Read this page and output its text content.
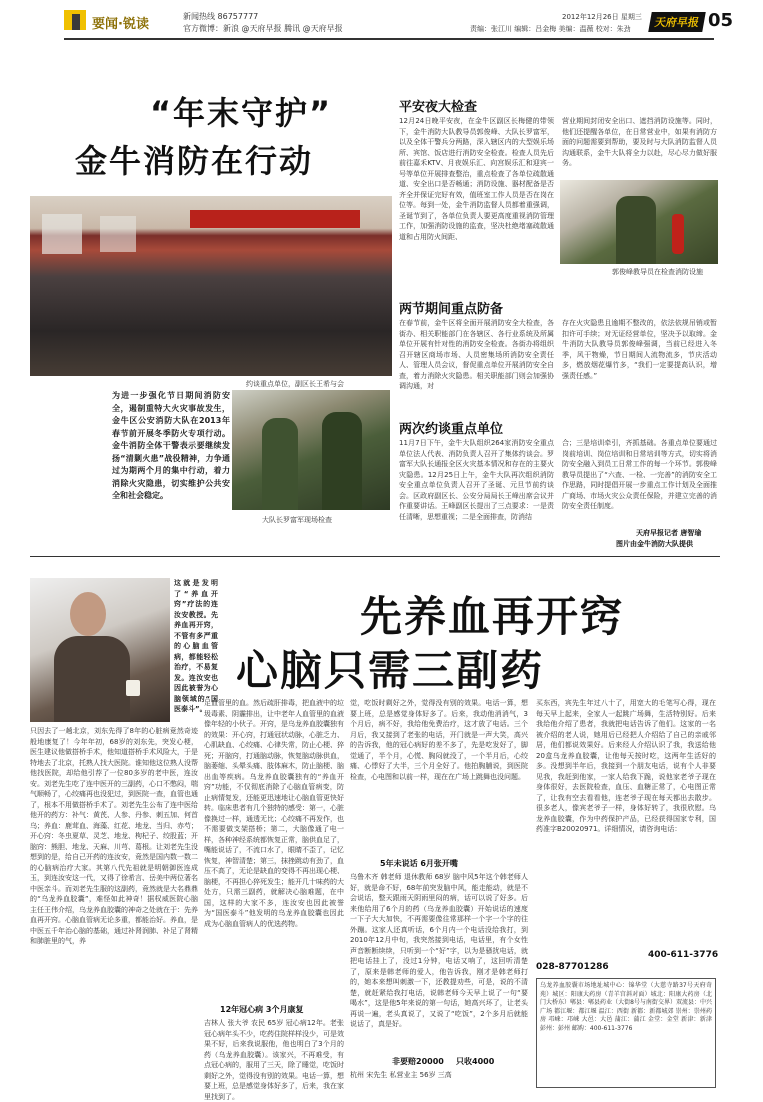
要闻·锐读
新闻热线 86757777
官方微博：新浪 @天府早报 腾讯 @天府早报
2012年12月26日 星期三
责编：张江川 编辑：吕金梅 美编：温薇 校对：朱劲	天府早报 05
“年末守护”
金牛消防在行动
约谈重点单位，副区长王希与会
为进一步强化节日期间消防安全，遏制重特大火灾事故发生，金牛区公安消防大队在2013年春节前开展冬季防火专项行动。金牛消防全体干警表示要继续发扬“清剿火患”战役精神，力争通过为期两个月的集中行动，着力消除火灾隐患，切实维护公共安全和社会稳定。
大队长罗富军现场检查
平安夜大检查
12月24日晚平安夜，在金牛区副区长梅健的带领下，金牛消防大队教导员郭俊峰、大队长罗富军，以及全体干警兵分两路，深入辖区内的大型娱乐场所、宾馆、饭店进行消防安全检查。检查人员先后前往嘉禾KTV、月夜娱乐汇、向宫娱乐汇和迎宾一号等单位开展排查整治，重点检查了各单位疏散通道、安全出口是否畅通；消防设施、器材配备是否齐全并保证完好有效，值班室工作人员是否在岗在位等。每到一处，金牛消防监督人员都着重强调，圣诞节到了，各单位负责人要更高度重视消防管理工作，加强消防设施的监查，坚决杜绝堵塞疏散通道和占用防火间距、
营业期间封闭安全出口、遮挡消防设施等。同时，他们还提醒各单位，在日常营业中，如果有消防方面的问题需要到帮助，要及时与大队消防监督人员沟通联系，金牛大队将全力以赴，尽心尽力做好服务。
郭俊峰教导员在检查消防设施
两节期间重点防备
在春节前，金牛区将全面开展消防安全大检查，各街办、相关职能部门在各辖区、各行业系统及所属单位开展有针对性的消防安全检查。各街办将组织召开辖区商场市场、人员密集场所消防安全责任人、管理人员会议，督促重点单位开展消防安全自查，着力消除火灾隐患。相关职能部门则会加强协调沟通，对
存在火灾隐患且逾期不整改的，依法依规吊销或暂扣许可手续；对无证经营单位，坚决予以取缔。金牛消防大队教导员郭俊峰强调，当前已经进入冬季，风干物燥，节日期间人流物流多，节庆活动多，燃放烟花爆竹多，“我们一定要提高认识，增强责任感。”
两次约谈重点单位
11月7日下午，金牛大队组织264家消防安全重点单位法人代表、消防负责人召开了集体约谈会。罗富军大队长通报全区火灾基本情况和存在的主要火灾隐患。12月25日上午，金牛大队再次组织消防安全重点单位负责人召开了圣诞、元旦节前约谈会。区政府副区长、公安分局局长王峰出席会议并作重要讲话。王峰副区长提出了三点要求：一是责任清晰，思想重视；二是全面排查，防消结
合；三是培训牵引，齐抓基础。各重点单位要通过岗前培训、岗位培训和日常培训等方式，切实将消防安全融入到员工日常工作的每一个环节。郭俊峰教导员提出了“六查、一检、一完善”的消防安全工作思路，同时提倡开展一步重点工作计划及全面推广商场、市场火灾公众责任保险，并建立完善的消防安全责任制度。
天府早报记者 唐智瑜
图片由金牛消防大队提供
这就是发明了“养血开窍”疗法的连汝安教授。先养血再开窍，不管有多严重的心脑血管病，都能轻松治疗，不易复发。连汝安也因此被誉为心脑领域的“国医泰斗”。
先养血再开窍
心脑只需三副药
只因去了一趟北京，刘东先得了8年的心脏病竟然奇迹般地康复了！今年年初，68岁的刘东先，突发心梗，医生建议他做搭桥手术，他知道搭桥手术风险大，于是特地去了北京，托熟人找大医院。谁知他这位熟人没帮他找医院，却给他引荐了一位80多岁的老中医，连汝安。刘老先生吃了连中医开的三副药，心口不憋闷，喘气顺畅了，心绞痛再也没犯过，到医院一查，血管也通了，根本不用做搭桥手术了。刘老先生公布了连中医给他开的药方：补气：黄芪、人参、丹参、刺五加、何首乌；养血：鹿茸血、海藻、红花、地龙、当归、赤芍；开心窍：冬虫夏草、灵芝、地龙、枸杞子、绞股蓝；开脑窍：熊胆、地龙、天麻、川芎、葛根。让刘老先生没想到的是，给自己开药的连汝安，竟然是国内数一数二的心脑病治疗大家。其第八代先祖就是明朝御医连成玉，到连汝安这一代，又得了徐希言、岳美中两位著名中医亲斗。而刘老先生服的这副药，竟然就是大名鼎鼎的“乌龙养血胶囊”，难怪如此神奇！据权威医院心脑主任王伟介绍，乌龙养血胶囊的神奇之处就在于：先养血再开窍。心脑血管病无论多重，都能治好。养血，是中医五千年治心脑的基础，通过补肾润肺、补足了肾精和肺脏里的气，养
足血管里的血。然后疏肝排毒，把血液中的垃圾毒素、阴霾排出，让中老年人血管里的血液像年轻的小伙子。开窍，是乌龙养血胶囊独有的效果：开心窍，打通冠状动脉，心脏乏力、心肌缺血、心绞痛、心律失常，防止心梗、猝死；开脑窍，打通脑动脉，恢复脑动脉供血，脑萎缩、头晕头痛、肢体麻木，防止脑梗、脑出血等疾病。乌龙养血胶囊独有的“养血开窍”功能，不仅彻底消除了心脑血管病变，防止病情复发，还能更迅速地让心脑血管更快好转。临床患者有几个独特的感受：第一，心脏像换过一样，通透无比；心绞痛不再发作，也不需要做支架搭桥；第二，大脑像通了电一样，各种神经系统都恢复正常，脑供血足了，嘴能说话了，不流口水了，眼睛不歪了，记忆恢复，神智清楚；第三，抹挫跳动有劲了，血压不高了，无论是缺血的变得不再出现心梗、脑梗，不再担心猝死发生；能开几十味药的大处方，只需三副药，就解决心脑难题，在中国，这样的大家不多，连汝安也因此被誉为“国医泰斗”他发明的乌龙养血胶囊也因此成为心脑血管病人的优选药物。
12年冠心病 3个月康复
吉林人 张大爷 农民 65岁 冠心病12年。老张冠心病年头不少，吃药住院样样没少，可是效果不好，后来我说服他，他也明白了3个月的药（乌龙养血胶囊）。该家兴，不再难受，有点冠心病的，服用了三天，除了睡觉，吃饭时剩好之外，觉得没有别的效果。电话一算，想要上班，总是感觉身体好多了，后来，我在家里找到了。
觉，吃饭时剩好之外，觉得没有别的效果。电话一算，想要上班，总是感觉身体好多了。后来，我动他消消气，3个月后，病不好，我给他免费治疗，这才放了电话。三个月后，我又接到了老张的电话，开门就是一声大笑，高兴的告诉我，他的冠心病好的差不多了，先是吃发好了，脚觉通了，半个月，心慌、胸闷就没了，一个半月后，心绞痛、心悸好了大半，三个月全好了。他拍胸脯说，到医院检查，心电图和以前一样，现在在广场上跳舞也没问题。
5年未说话 6月张开嘴
乌鲁木齐 韩老师 退休教师 68岁 脑中风5年这个韩老师人好，就是命不好，68年前突发脑中风，能走能动，就是不会说话，整天跟雨天阴雨里闷的病，话可以说了好多。后来他给用了6个月的药（乌龙养血胶囊）开始说话的速度一下子大大加快，不再需要像往常那样一个字一个字的往外蹦。这家人还真听话，6个月内一个电话没给我打，到2010年12月中旬，我突然接到电话，电话里，有个女性声音断断续续，只听到一个“好”字，以为是骚扰电话，就把电话挂上了，没过1分钟，电话又响了，这回听清楚了，原来是韩老师的爱人，他告诉我，刚才是韩老师打的，她本来想叫刺激一下，还教提劝些，可是，说的不清楚，就赶紧给我打电话，说韩老师今天早上说了一句“要喝水”，这是他5年来说的第一句话，她高兴坏了，让老头再说一遍，老头真说了，又说了“吃饭”，2个多月后就能说话了，真是好。
非要赔20000 只收4000
杭州 宋先生 私营业主 56岁 三高
买东西，宾先生年过八十了，用宽大的毛笔写心得，现在每天早上起来，全家人一起跳广场舞，生活特别好。后来我给他介绍了患者，我就把电话告诉了他们。这家的一名被介绍的老人说，她用后已经把人介绍给了自己的亲戚邻居，他们都说效果好。后来经人介绍认识了我，我送给他20盒乌龙养血胶囊，让他每天按时吃，这两年生活好的多。没想到半年后，我接到一个朋友电话，说有个人非要见我，我赶到他家，一家人给我下跪，说他家老爷子现在身体很好，去医院检查，血压、血糖正常了，心电图正常了，让我有空去看看他，连老爷子现在每天都出去散步。很多老人，像宾老爷子一样，身体好转了，我很欣慰。乌龙养血胶囊，作为中药保护产品，已经获得国家专利，国药准字B20020971。详细情况，请咨询电话：
400-611-3776
028-87701286
乌龙养血胶囊市场地址城中心：锦华堂（大慈寺路37号天府奇苑）城区：阳康大药房（青羊宫斜对面）城北：阳康大药房（北门大桥东）郫县：郫县药业（大街8号与南街交界）双流县：中兴广场 都江堰：都江堰 温江：西街 新都：新都城郊 崇州：崇州药房 邛崃：邛崃 大邑：大邑 蒲江：蒲江 金堂：金堂 新津：新津 彭州：彭州 邮购：400-611-3776
